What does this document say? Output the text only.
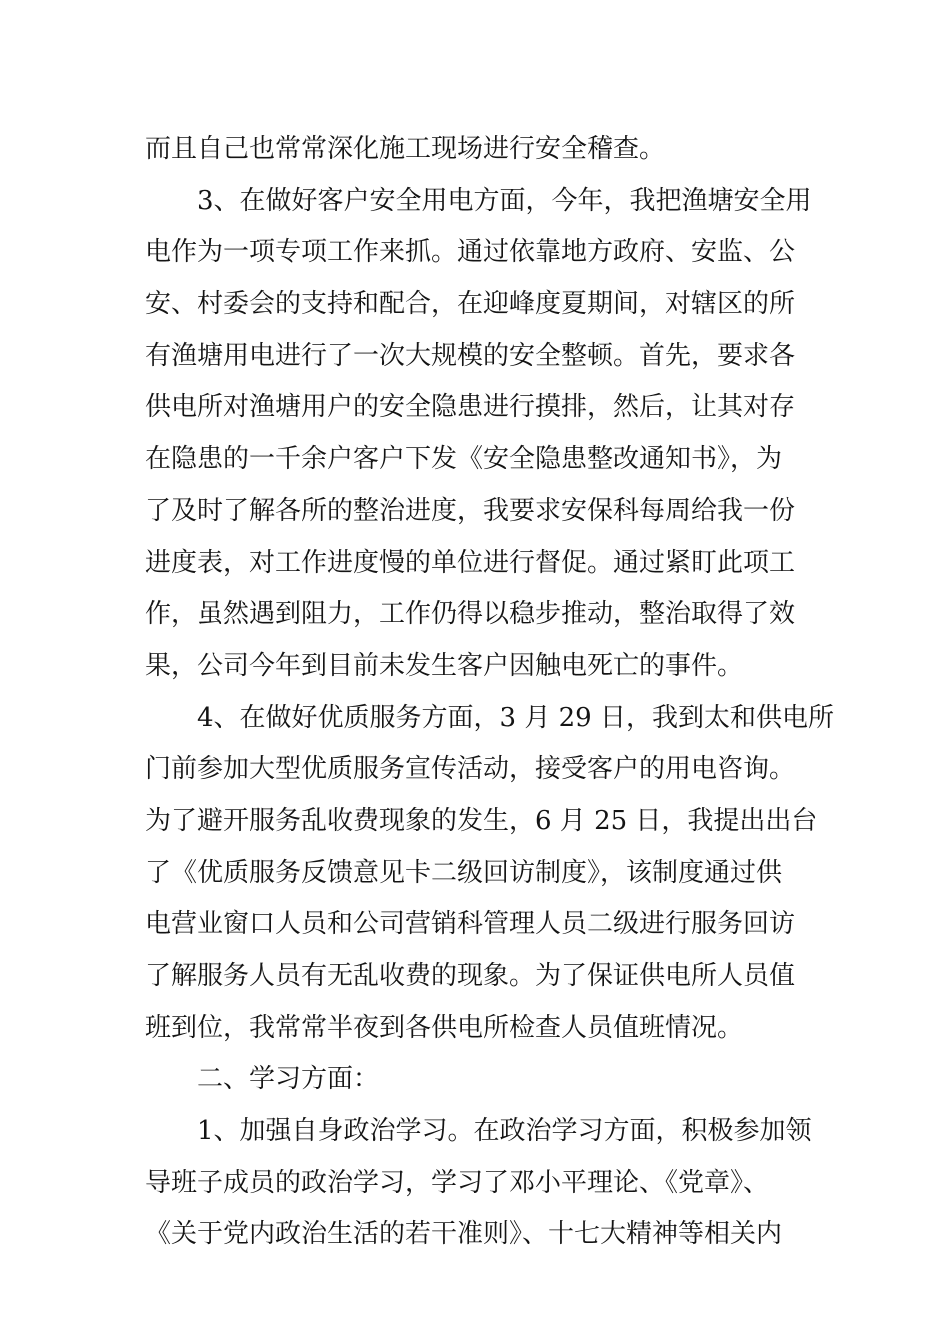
而且自己也常常深化施工现场进行安全稽查。
3、在做好客户安全用电方面，今年，我把渔塘安全用
电作为一项专项工作来抓。通过依靠地方政府、安监、公
安、村委会的支持和配合，在迎峰度夏期间，对辖区的所
有渔塘用电进行了一次大规模的安全整顿。首先，要求各
供电所对渔塘用户的安全隐患进行摸排，然后，让其对存
在隐患的一千余户客户下发《安全隐患整改通知书》，为
了及时了解各所的整治进度，我要求安保科每周给我一份
进度表，对工作进度慢的单位进行督促。通过紧盯此项工
作，虽然遇到阻力，工作仍得以稳步推动，整治取得了效
果，公司今年到目前未发生客户因触电死亡的事件。
4、在做好优质服务方面，3 月 29 日，我到太和供电所
门前参加大型优质服务宣传活动，接受客户的用电咨询。
为了避开服务乱收费现象的发生，6 月 25 日，我提出出台
了《优质服务反馈意见卡二级回访制度》，该制度通过供
电营业窗口人员和公司营销科管理人员二级进行服务回访
了解服务人员有无乱收费的现象。为了保证供电所人员值
班到位，我常常半夜到各供电所检查人员值班情况。
二、学习方面：
1、加强自身政治学习。在政治学习方面，积极参加领
导班子成员的政治学习，学习了邓小平理论、《党章》、
《关于党内政治生活的若干准则》、十七大精神等相关内
